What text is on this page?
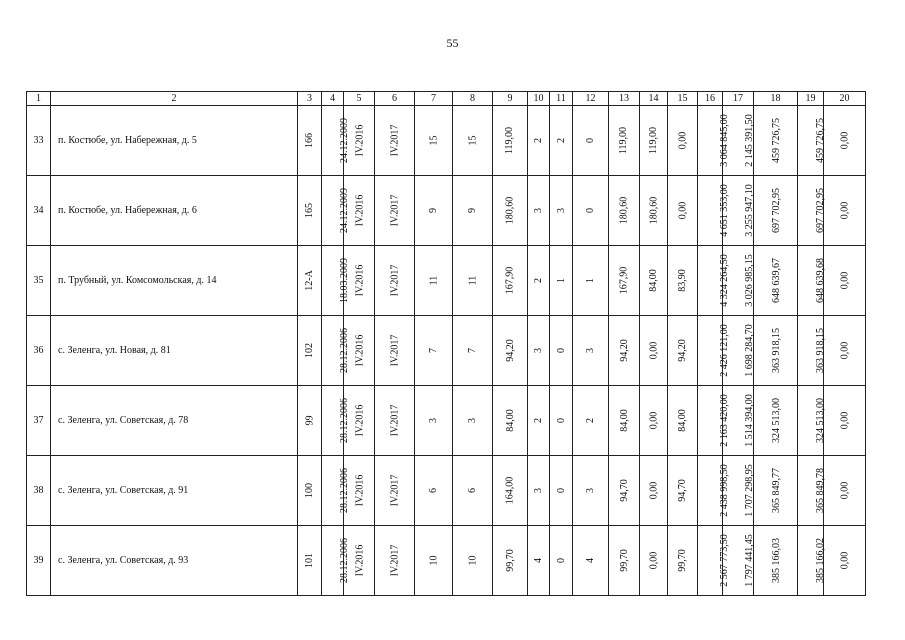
55
1	2	3	4	5	6	7	8	9	10	11	12	13	14	15	16	17	18	19	20
33	п. Костюбе, ул. Набережная, д. 5	166	24.12.2009	IV.2016	IV.2017	15	15	119,00	2	2	0	119,00	119,00	0,00	3 064 845,00	2 145 391,50	459 726,75	459 726,75	0,00
34	п. Костюбе, ул. Набережная, д. 6	165	24.12.2009	IV.2016	IV.2017	9	9	180,60	3	3	0	180,60	180,60	0,00	4 651 353,00	3 255 947,10	697 702,95	697 702,95	0,00
35	п. Трубный, ул. Комсомольская, д. 14	12-А	18.03.2009	IV.2016	IV.2017	11	11	167,90	2	1	1	167,90	84,00	83,90	4 324 264,50	3 026 985,15	648 639,67	648 639,68	0,00
36	с. Зеленга, ул. Новая, д. 81	102	28.12.2006	IV.2016	IV.2017	7	7	94,20	3	0	3	94,20	0,00	94,20	2 426 121,00	1 698 284,70	363 918,15	363 918,15	0,00
37	с. Зеленга, ул. Советская, д. 78	99	28.12.2006	IV.2016	IV.2017	3	3	84,00	2	0	2	84,00	0,00	84,00	2 163 420,00	1 514 394,00	324 513,00	324 513,00	0,00
38	с. Зеленга, ул. Советская, д. 91	100	28.12.2006	IV.2016	IV.2017	6	6	164,00	3	0	3	94,70	0,00	94,70	2 438 998,50	1 707 298,95	365 849,77	365 849,78	0,00
39	с. Зеленга, ул. Советская, д. 93	101	28.12.2006	IV.2016	IV.2017	10	10	99,70	4	0	4	99,70	0,00	99,70	2 567 773,50	1 797 441,45	385 166,03	385 166,02	0,00
